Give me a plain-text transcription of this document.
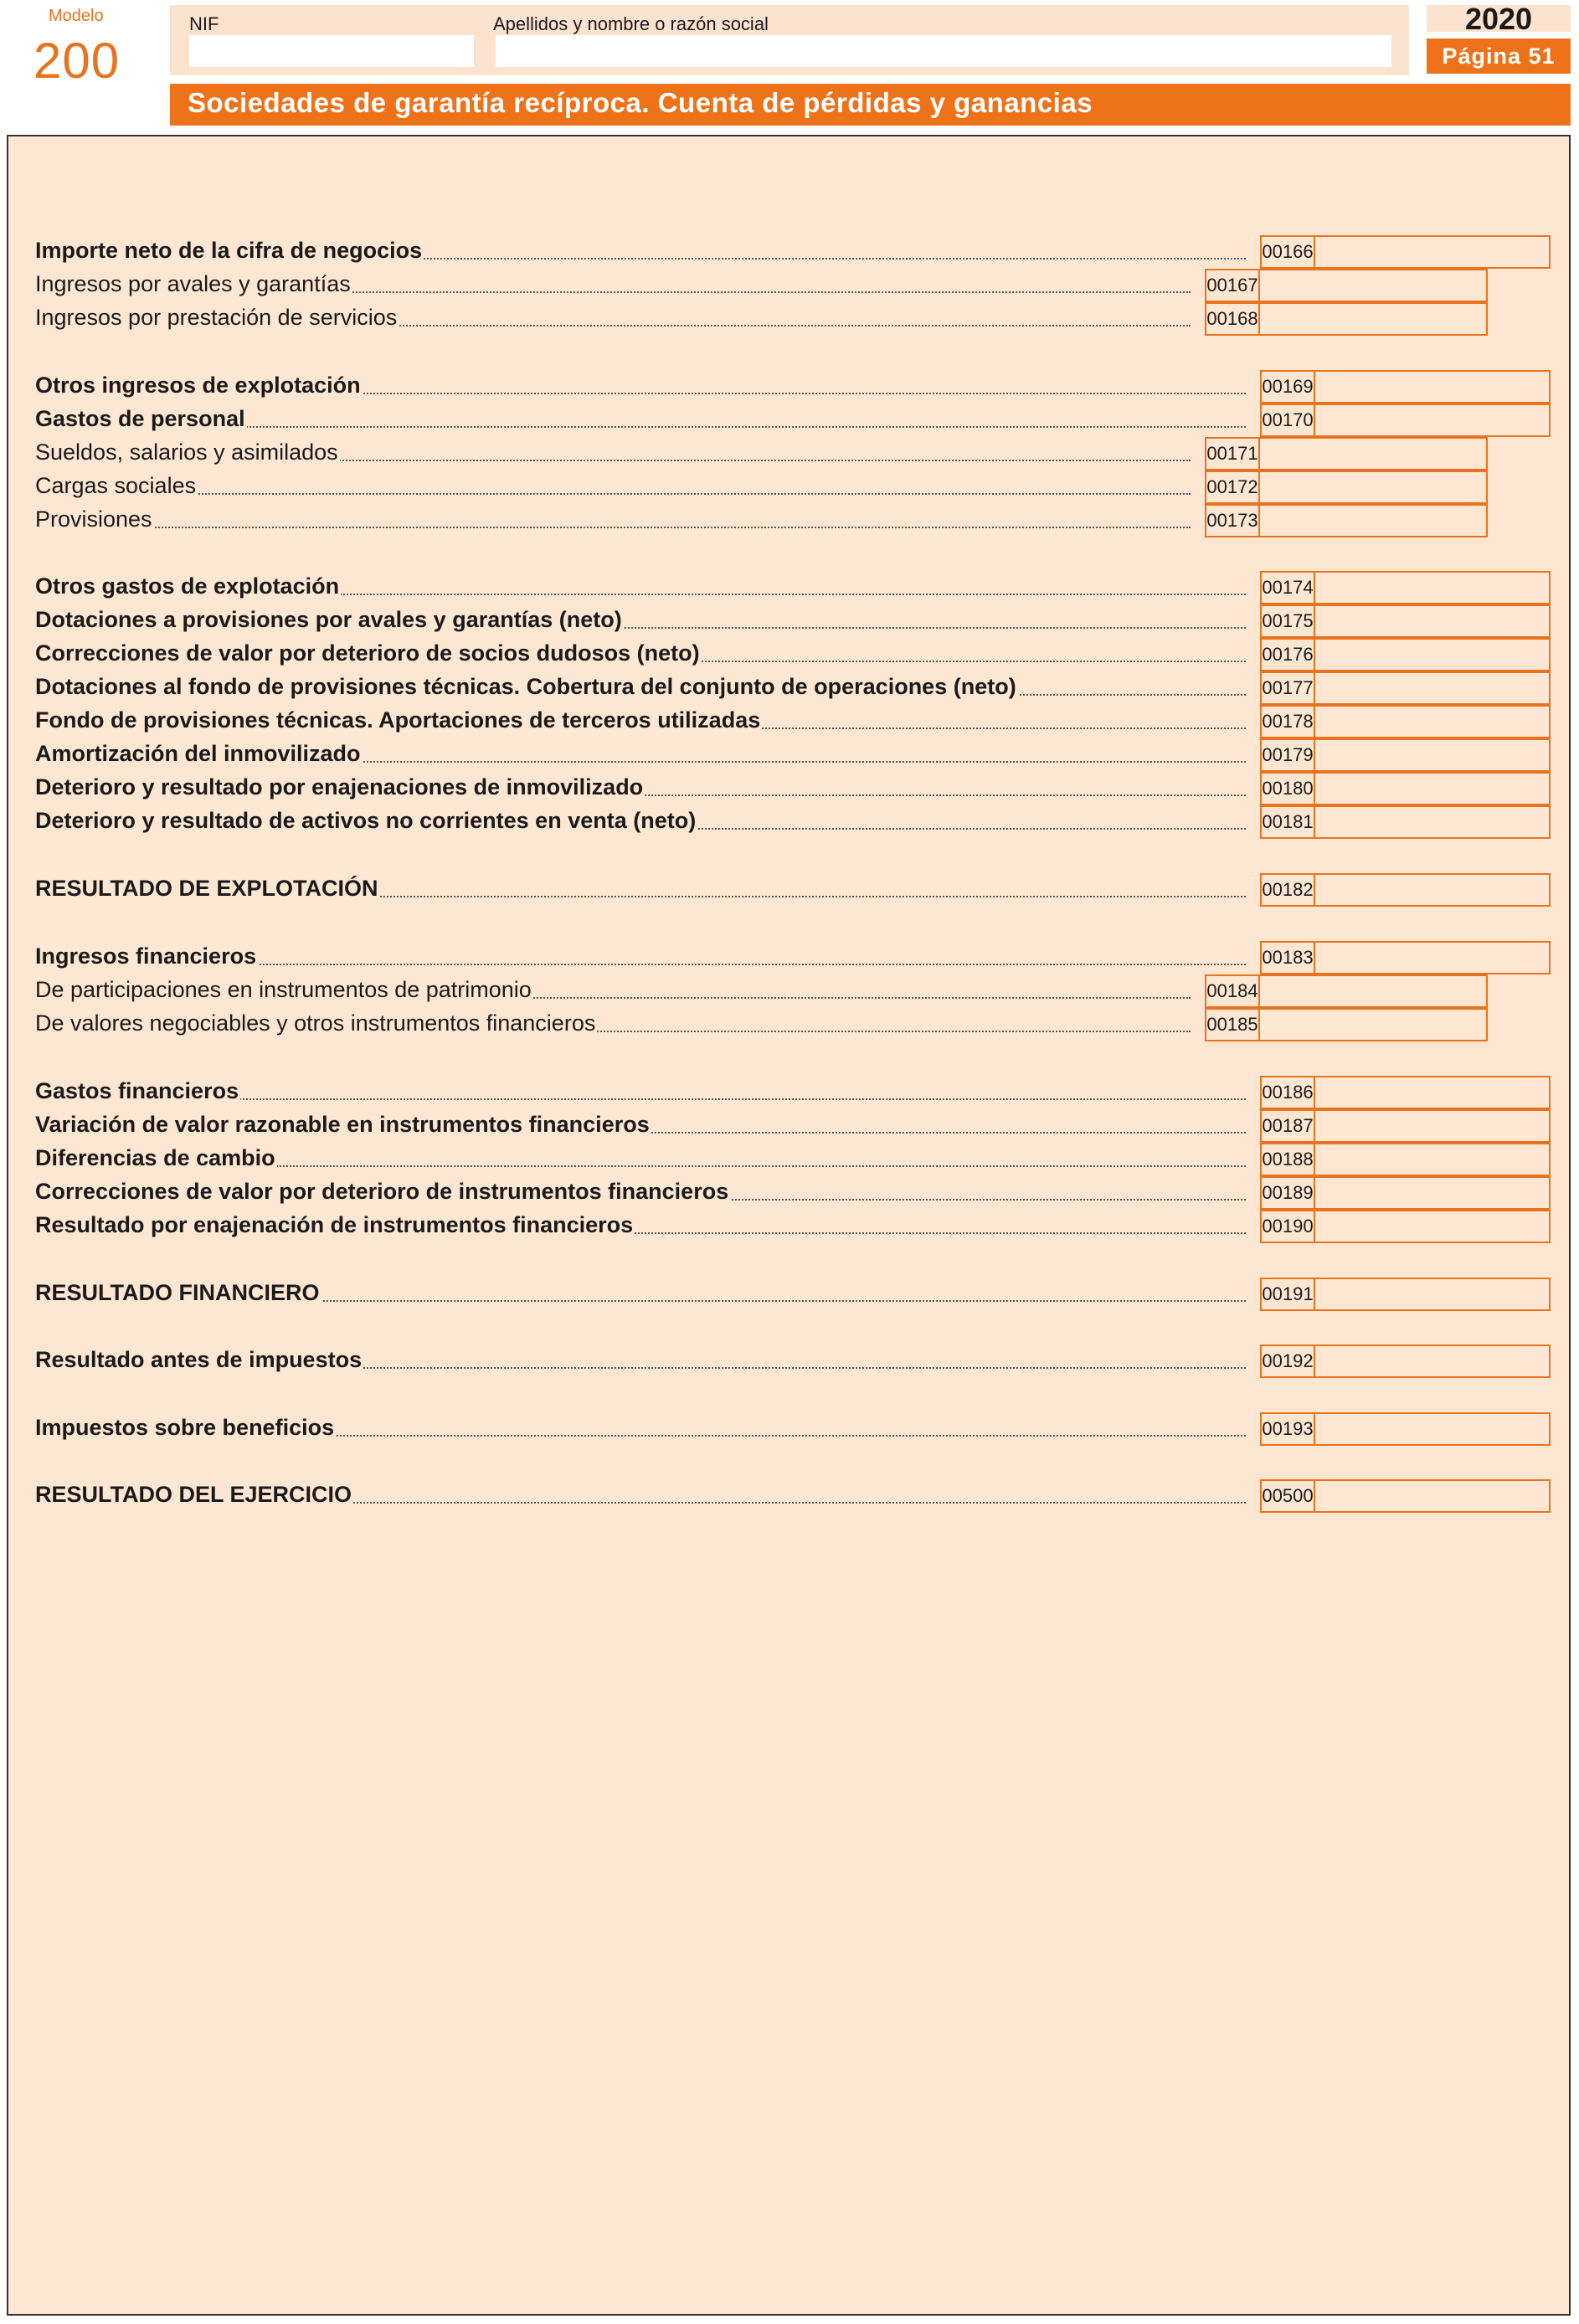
Modelo
200
NIF	Apellidos y nombre o razón social	2020
Página 51
Sociedades de garantía recíproca. Cuenta de pérdidas y ganancias
Importe neto de la cifra de negocios	00166
Ingresos por avales y garantías	00167
Ingresos por prestación de servicios	00168
Otros ingresos de explotación	00169
Gastos de personal	00170
Sueldos, salarios y asimilados	00171
Cargas sociales	00172
Provisiones	00173
Otros gastos de explotación	00174
Dotaciones a provisiones por avales y garantías (neto)	00175
Correcciones de valor por deterioro de socios dudosos (neto)	00176
Dotaciones al fondo de provisiones técnicas. Cobertura del conjunto de operaciones (neto)	00177
Fondo de provisiones técnicas. Aportaciones de terceros utilizadas	00178
Amortización del inmovilizado	00179
Deterioro y resultado por enajenaciones de inmovilizado	00180
Deterioro y resultado de activos no corrientes en venta (neto)	00181
RESULTADO DE EXPLOTACIÓN	00182
Ingresos financieros	00183
De participaciones en instrumentos de patrimonio	00184
De valores negociables y otros instrumentos financieros	00185
Gastos financieros	00186
Variación de valor razonable en instrumentos financieros	00187
Diferencias de cambio	00188
Correcciones de valor por deterioro de instrumentos financieros	00189
Resultado por enajenación de instrumentos financieros	00190
RESULTADO FINANCIERO	00191
Resultado antes de impuestos	00192
Impuestos sobre beneficios	00193
RESULTADO DEL EJERCICIO	00500
